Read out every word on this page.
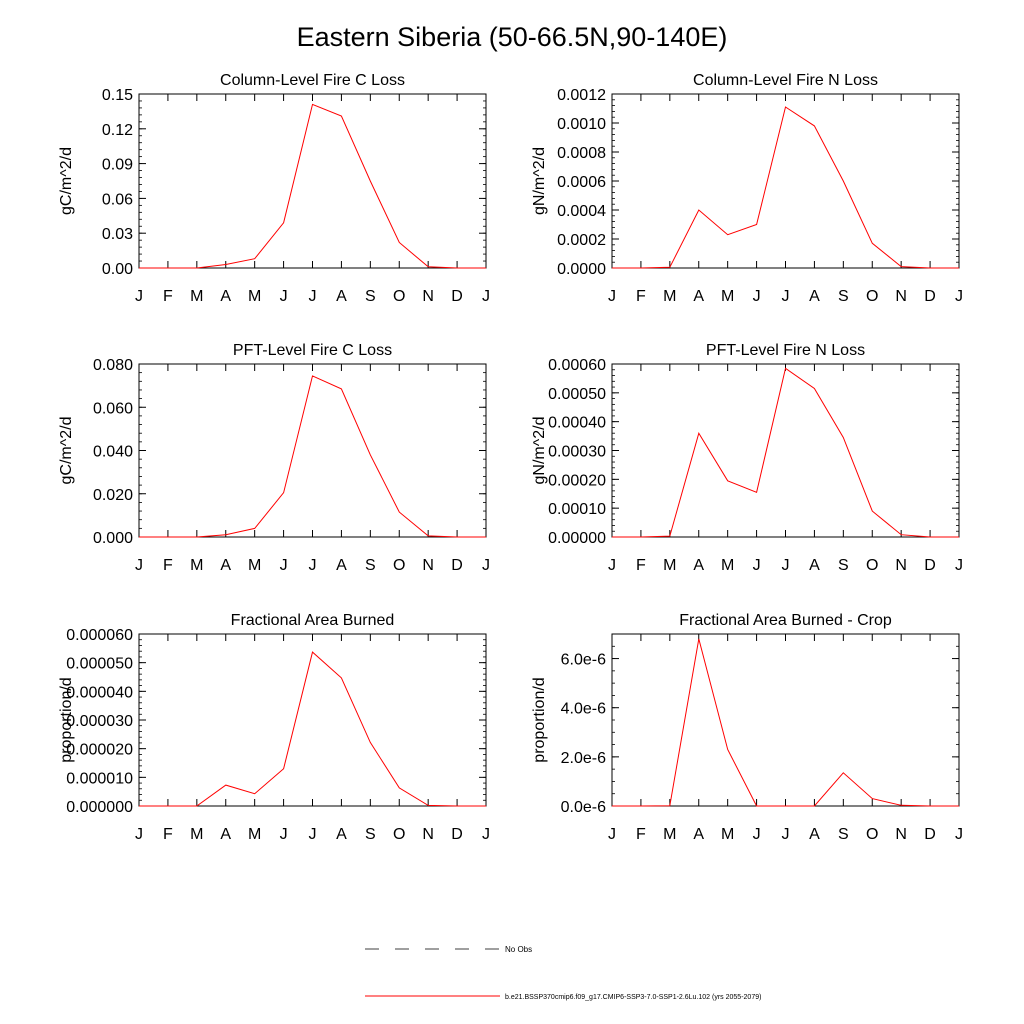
Eastern Siberia (50-66.5N,90-140E)
No Obs
b.e21.BSSP370cmip6.f09_g17.CMIP6-SSP3-7.0-SSP1-2.6Lu.102 (yrs 2055-2079)
Column-Level Fire C Loss
gC/m^2/d
0.00
0.03
0.06
0.09
0.12
0.15
J F M A M J J A S O N D J
Column-Level Fire N Loss
gN/m^2/d
0.0000
0.0002
0.0004
0.0006
0.0008
0.0010
0.0012
J F M A M J J A S O N D J
PFT-Level Fire C Loss
gC/m^2/d
0.000
0.020
0.040
0.060
0.080
J F M A M J J A S O N D J
PFT-Level Fire N Loss
gN/m^2/d
0.00000
0.00010
0.00020
0.00030
0.00040
0.00050
0.00060
J F M A M J J A S O N D J
Fractional Area Burned
proportion/d
0.000000
0.000010
0.000020
0.000030
0.000040
0.000050
0.000060
J F M A M J J A S O N D J
Fractional Area Burned - Crop
proportion/d
0.0e-6
2.0e-6
4.0e-6
6.0e-6
J F M A M J J A S O N D J
